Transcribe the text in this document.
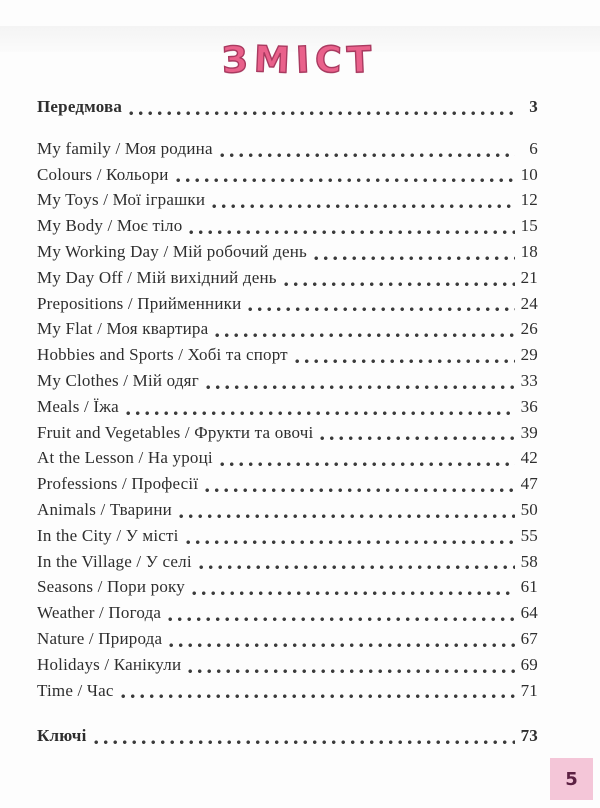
ЗМІСТ
Передмова	3
My family / Моя родина	6
Colours / Кольори	10
My Toys / Мої іграшки	12
My Body / Моє тіло	15
My Working Day / Мій робочий день	18
My Day Off / Мій вихідний день	21
Prepositions / Прийменники	24
My Flat / Моя квартира	26
Hobbies and Sports / Хобі та спорт	29
My Clothes / Мій одяг	33
Meals / Їжа	36
Fruit and Vegetables / Фрукти та овочі	39
At the Lesson / На уроці	42
Professions / Професії	47
Animals / Тварини	50
In the City / У місті	55
In the Village / У селі	58
Seasons / Пори року	61
Weather / Погода	64
Nature / Природа	67
Holidays / Канікули	69
Time / Час	71
Ключі	73
5
